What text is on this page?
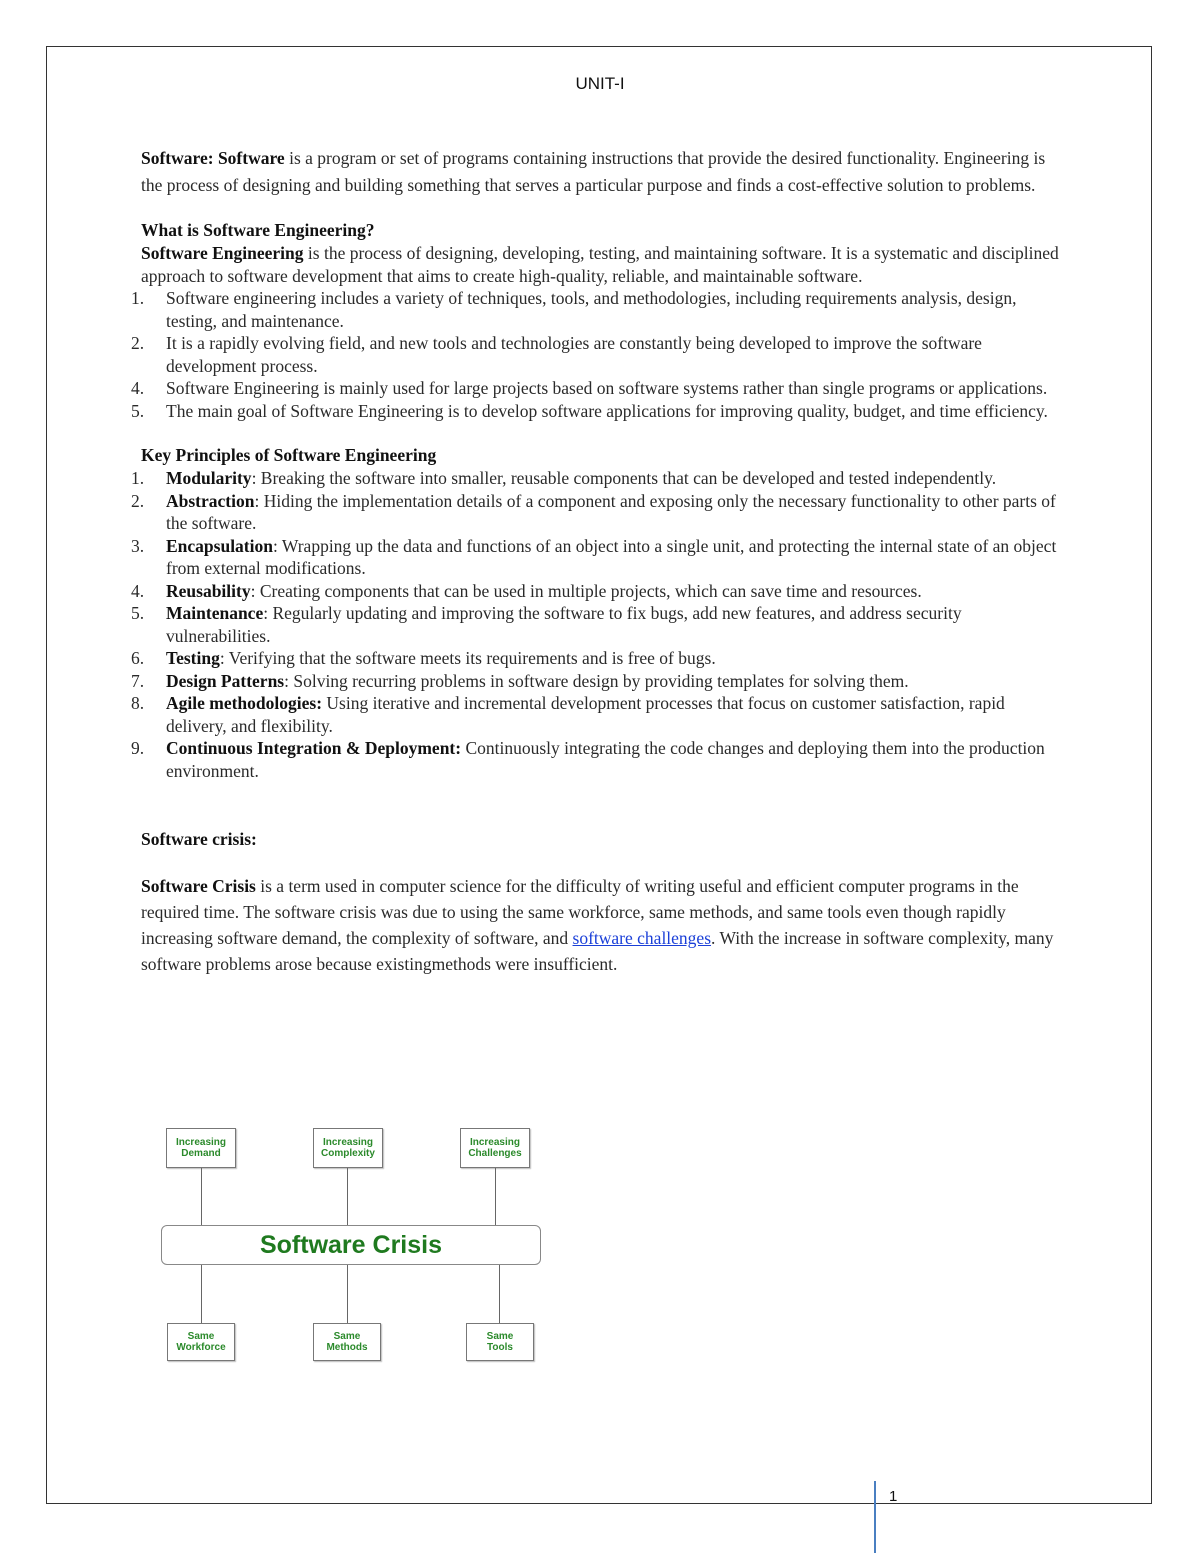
UNIT-I

Software: Software is a program or set of programs containing instructions that provide the desired functionality. Engineering is the process of designing and building something that serves a particular purpose and finds a cost-effective solution to problems.

What is Software Engineering?

Software Engineering is the process of designing, developing, testing, and maintaining software. It is a systematic and disciplined approach to software development that aims to create high-quality, reliable, and maintainable software.

1.	Software engineering includes a variety of techniques, tools, and methodologies, including requirements analysis, design, testing, and maintenance.
2.	It is a rapidly evolving field, and new tools and technologies are constantly being developed to improve the software development process.
4.	Software Engineering is mainly used for large projects based on software systems rather than single programs or applications.
5.	The main goal of Software Engineering is to develop software applications for improving quality, budget, and time efficiency.

Key Principles of Software Engineering

1.	Modularity: Breaking the software into smaller, reusable components that can be developed and tested independently.
2.	Abstraction: Hiding the implementation details of a component and exposing only the necessary functionality to other parts of the software.
3.	Encapsulation: Wrapping up the data and functions of an object into a single unit, and protecting the internal state of an object from external modifications.
4.	Reusability: Creating components that can be used in multiple projects, which can save time and resources.
5.	Maintenance: Regularly updating and improving the software to fix bugs, add new features, and address security vulnerabilities.
6.	Testing: Verifying that the software meets its requirements and is free of bugs.
7.	Design Patterns: Solving recurring problems in software design by providing templates for solving them.
8.	Agile methodologies: Using iterative and incremental development processes that focus on customer satisfaction, rapid delivery, and flexibility.
9.	Continuous Integration & Deployment: Continuously integrating the code changes and deploying them into the production environment.

Software crisis:

Software Crisis is a term used in computer science for the difficulty of writing useful and efficient computer programs in the required time. The software crisis was due to using the same workforce, same methods, and same tools even though rapidly increasing software demand, the complexity of software, and software challenges. With the increase in software complexity, many software problems arose because existingmethods were insufficient.

Increasing
Demand
Increasing
Complexity
Increasing
Challenges
Software Crisis
Same
Workforce
Same
Methods
Same
Tools
1
